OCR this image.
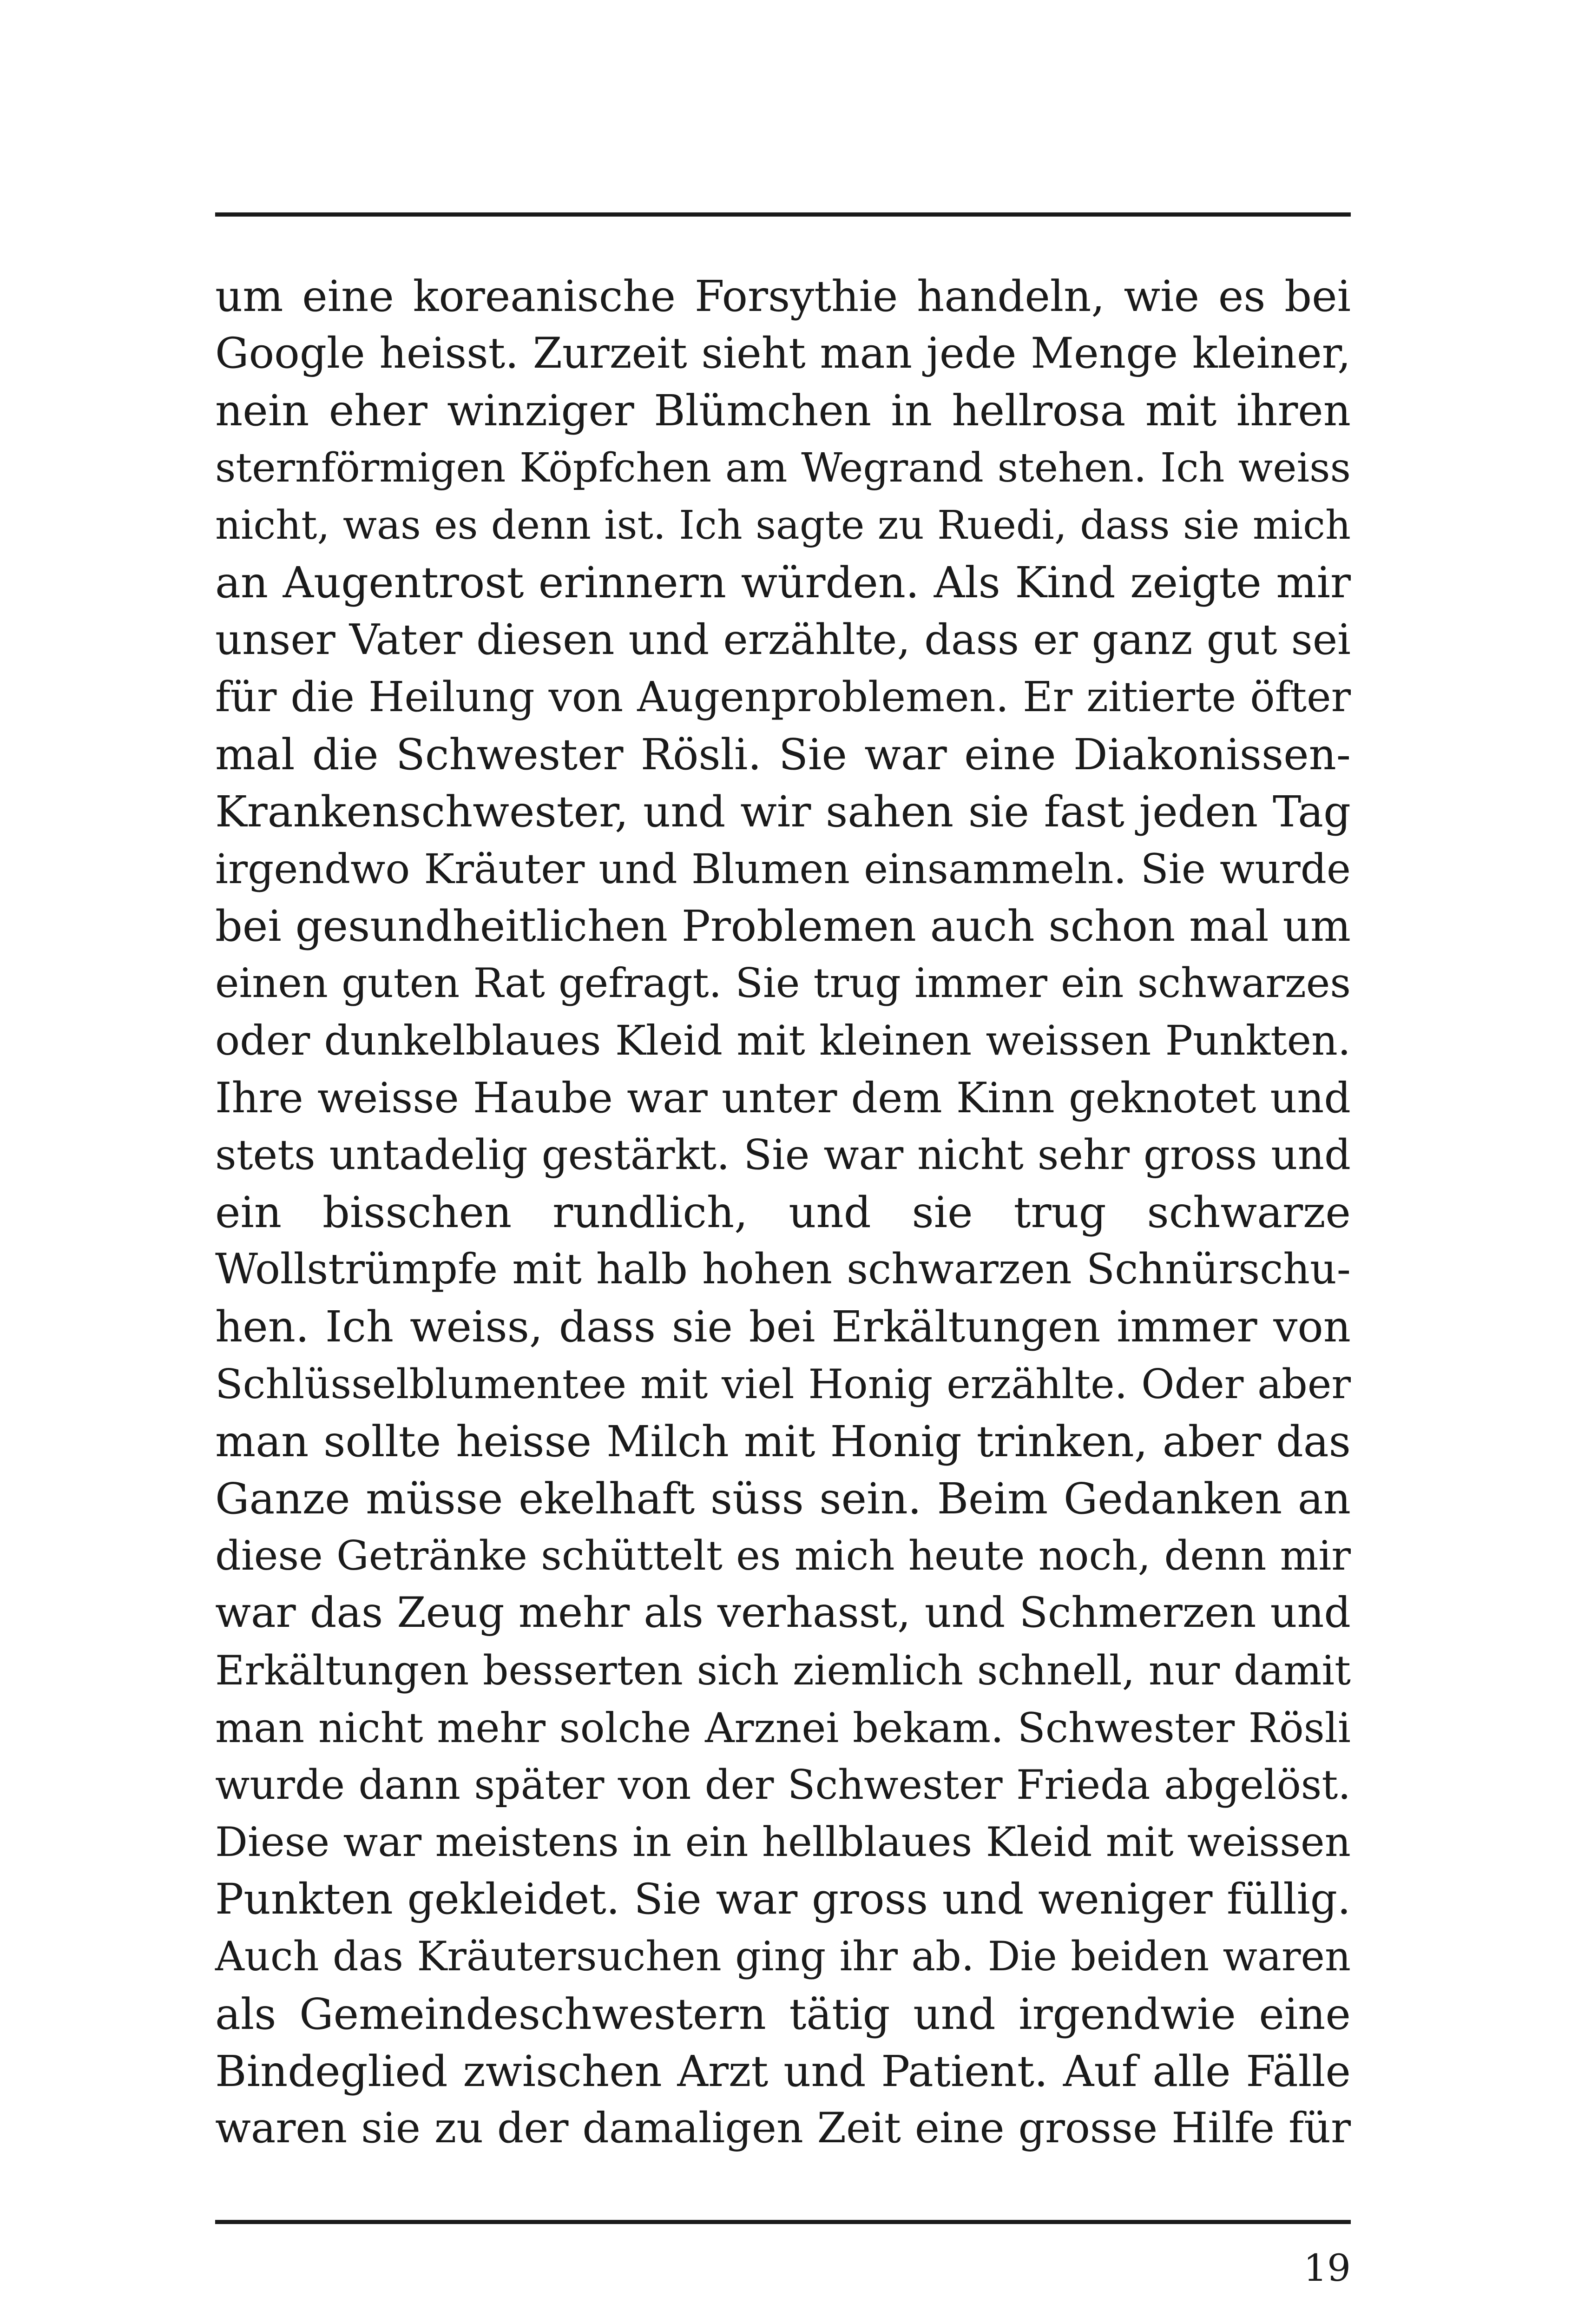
um eine koreanische Forsythie handeln, wie es bei
Google heisst. Zurzeit sieht man jede Menge kleiner,
nein eher winziger Blümchen in hellrosa mit ihren
sternförmigen Köpfchen am Wegrand stehen. Ich weiss
nicht, was es denn ist. Ich sagte zu Ruedi, dass sie mich
an Augentrost erinnern würden. Als Kind zeigte mir
unser Vater diesen und erzählte, dass er ganz gut sei
für die Heilung von Augenproblemen. Er zitierte öfter
mal die Schwester Rösli. Sie war eine Diakonissen-
Krankenschwester, und wir sahen sie fast jeden Tag
irgendwo Kräuter und Blumen einsammeln. Sie wurde
bei gesundheitlichen Problemen auch schon mal um
einen guten Rat gefragt. Sie trug immer ein schwarzes
oder dunkelblaues Kleid mit kleinen weissen Punkten.
Ihre weisse Haube war unter dem Kinn geknotet und
stets untadelig gestärkt. Sie war nicht sehr gross und
ein bisschen rundlich, und sie trug schwarze
Wollstrümpfe mit halb hohen schwarzen Schnürschu-
hen. Ich weiss, dass sie bei Erkältungen immer von
Schlüsselblumentee mit viel Honig erzählte. Oder aber
man sollte heisse Milch mit Honig trinken, aber das
Ganze müsse ekelhaft süss sein. Beim Gedanken an
diese Getränke schüttelt es mich heute noch, denn mir
war das Zeug mehr als verhasst, und Schmerzen und
Erkältungen besserten sich ziemlich schnell, nur damit
man nicht mehr solche Arznei bekam. Schwester Rösli
wurde dann später von der Schwester Frieda abgelöst.
Diese war meistens in ein hellblaues Kleid mit weissen
Punkten gekleidet. Sie war gross und weniger füllig.
Auch das Kräutersuchen ging ihr ab. Die beiden waren
als Gemeindeschwestern tätig und irgendwie eine
Bindeglied zwischen Arzt und Patient. Auf alle Fälle
waren sie zu der damaligen Zeit eine grosse Hilfe für
19
